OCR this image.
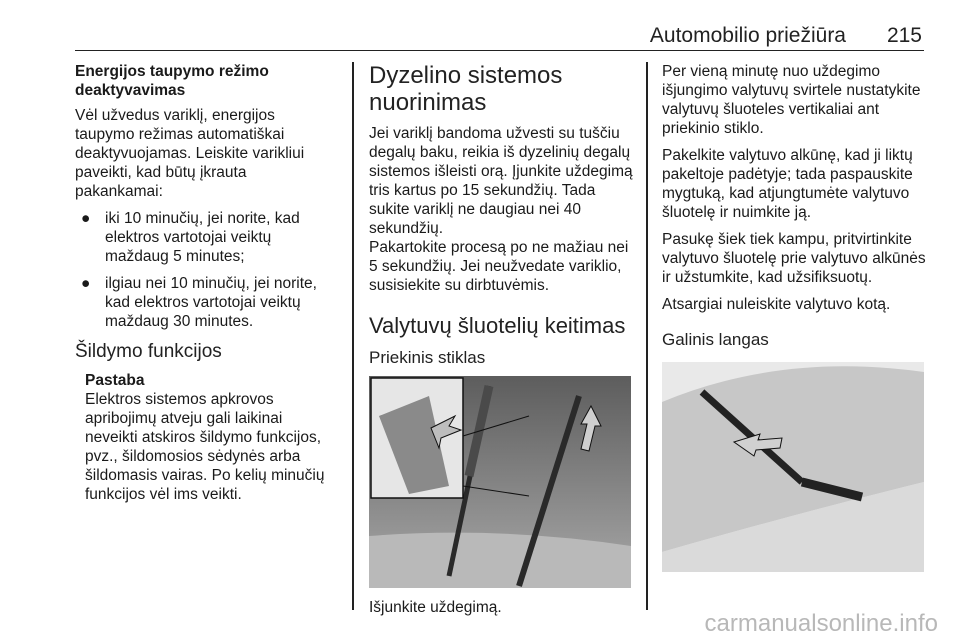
Automobilio priežiūra 215
Energijos taupymo režimo deaktyvavimas

Vėl užvedus variklį, energijos taupymo režimas automatiškai deaktyvuojamas. Leiskite varikliui paveikti, kad būtų įkrauta pakankamai:

● iki 10 minučių, jei norite, kad elektros vartotojai veiktų maždaug 5 minutes;
● ilgiau nei 10 minučių, jei norite, kad elektros vartotojai veiktų maždaug 30 minutes.
Šildymo funkcijos

Pastaba

Elektros sistemos apkrovos apribojimų atveju gali laikinai neveikti atskiros šildymo funkcijos, pvz., šildomosios sėdynės arba šildomasis vairas. Po kelių minučių funkcijos vėl ims veikti.

Dyzelino sistemos nuorinimas

Jei variklį bandoma užvesti su tuščiu degalų baku, reikia iš dyzelinių degalų sistemos išleisti orą. Įjunkite uždegimą tris kartus po 15 sekundžių. Tada sukite variklį ne daugiau nei 40 sekundžių.

Pakartokite procesą po ne mažiau nei 5 sekundžių. Jei neužvedate variklio, susisiekite su dirbtuvėmis.

Valytuvų šluotelių keitimas
Priekinis stiklas

Išjunkite uždegimą.

Per vieną minutę nuo uždegimo išjungimo valytuvų svirtele nustatykite valytuvų šluoteles vertikaliai ant priekinio stiklo.

Pakelkite valytuvo alkūnę, kad ji liktų pakeltoje padėtyje; tada paspauskite mygtuką, kad atjungtumėte valytuvo šluotelę ir nuimkite ją.

Pasukę šiek tiek kampu, pritvirtinkite valytuvo šluotelę prie valytuvo alkūnės ir užstumkite, kad užsifiksuotų.

Atsargiai nuleiskite valytuvo kotą.

Galinis langas
carmanualsonline.info
